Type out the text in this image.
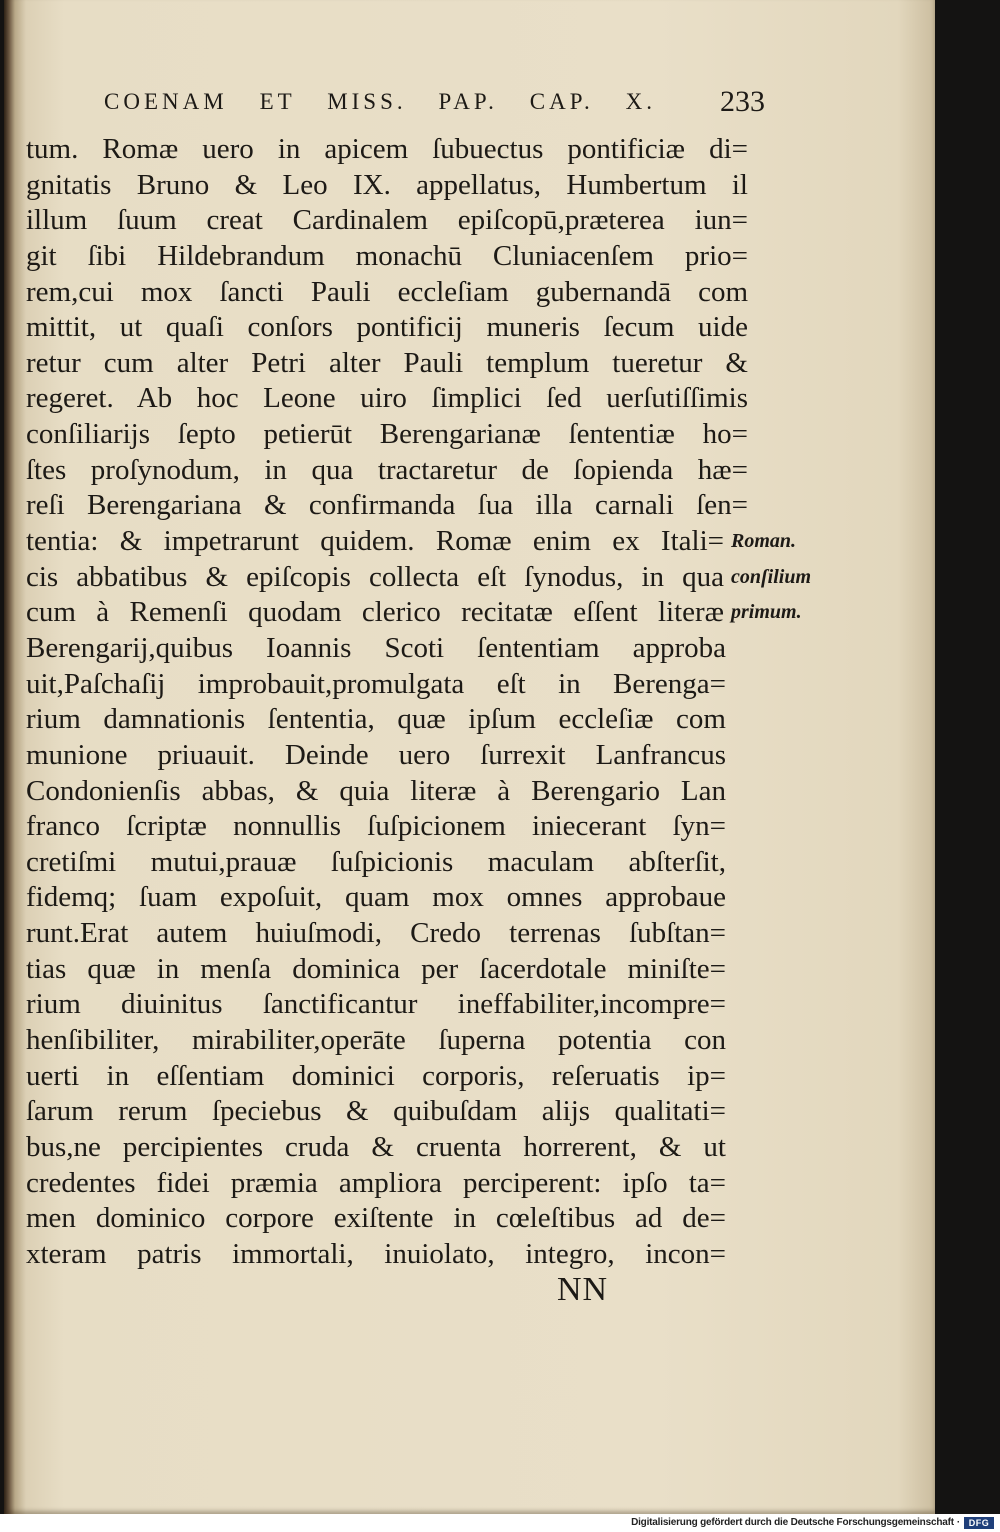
COENAM ET MISS. PAP. CAP. X. 233
tum. Romæ uero in apicem ſubuectus pontificiæ di=
gnitatis Bruno & Leo IX. appellatus, Humbertum il
illum ſuum creat Cardinalem epiſcopū,præterea iun=
git ſibi Hildebrandum monachū Cluniacenſem prio=
rem,cui mox ſancti Pauli eccleſiam gubernandā com
mittit, ut quaſi conſors pontificij muneris ſecum uide
retur cum alter Petri alter Pauli templum tueretur &
regeret. Ab hoc Leone uiro ſimplici ſed uerſutiſſimis
conſiliarijs ſepto petierūt Berengarianæ ſententiæ ho=
ſtes proſynodum, in qua tractaretur de ſopienda hæ=
reſi Berengariana & confirmanda ſua illa carnali ſen=
tentia: & impetrarunt quidem. Romæ enim ex Itali=
cis abbatibus & epiſcopis collecta eſt ſynodus, in qua
cum à Remenſi quodam clerico recitatæ eſſent literæ
Berengarij,quibus Ioannis Scoti ſententiam approba
uit,Paſchaſij improbauit,promulgata eſt in Berenga=
rium damnationis ſententia, quæ ipſum eccleſiæ com
munione priuauit. Deinde uero ſurrexit Lanfrancus
Condonienſis abbas, & quia literæ à Berengario Lan
franco ſcriptæ nonnullis ſuſpicionem iniecerant ſyn=
cretiſmi mutui,prauæ ſuſpicionis maculam abſterſit,
fidemq; ſuam expoſuit, quam mox omnes approbaue
runt.Erat autem huiuſmodi, Credo terrenas ſubſtan=
tias quæ in menſa dominica per ſacerdotale miniſte=
rium diuinitus ſanctificantur ineffabiliter,incompre=
henſibiliter, mirabiliter,operāte ſuperna potentia con
uerti in eſſentiam dominici corporis, reſeruatis ip=
ſarum rerum ſpeciebus & quibuſdam alijs qualitati=
bus,ne percipientes cruda & cruenta horrerent, & ut
credentes fidei præmia ampliora perciperent: ipſo ta=
men dominico corpore exiſtente in cœleſtibus ad de=
xteram patris immortali, inuiolato, integro, incon=
Roman.
conſilium
primum.
NN
Digitalisierung gefördert durch die Deutsche Forschungsgemeinschaft · DFG
